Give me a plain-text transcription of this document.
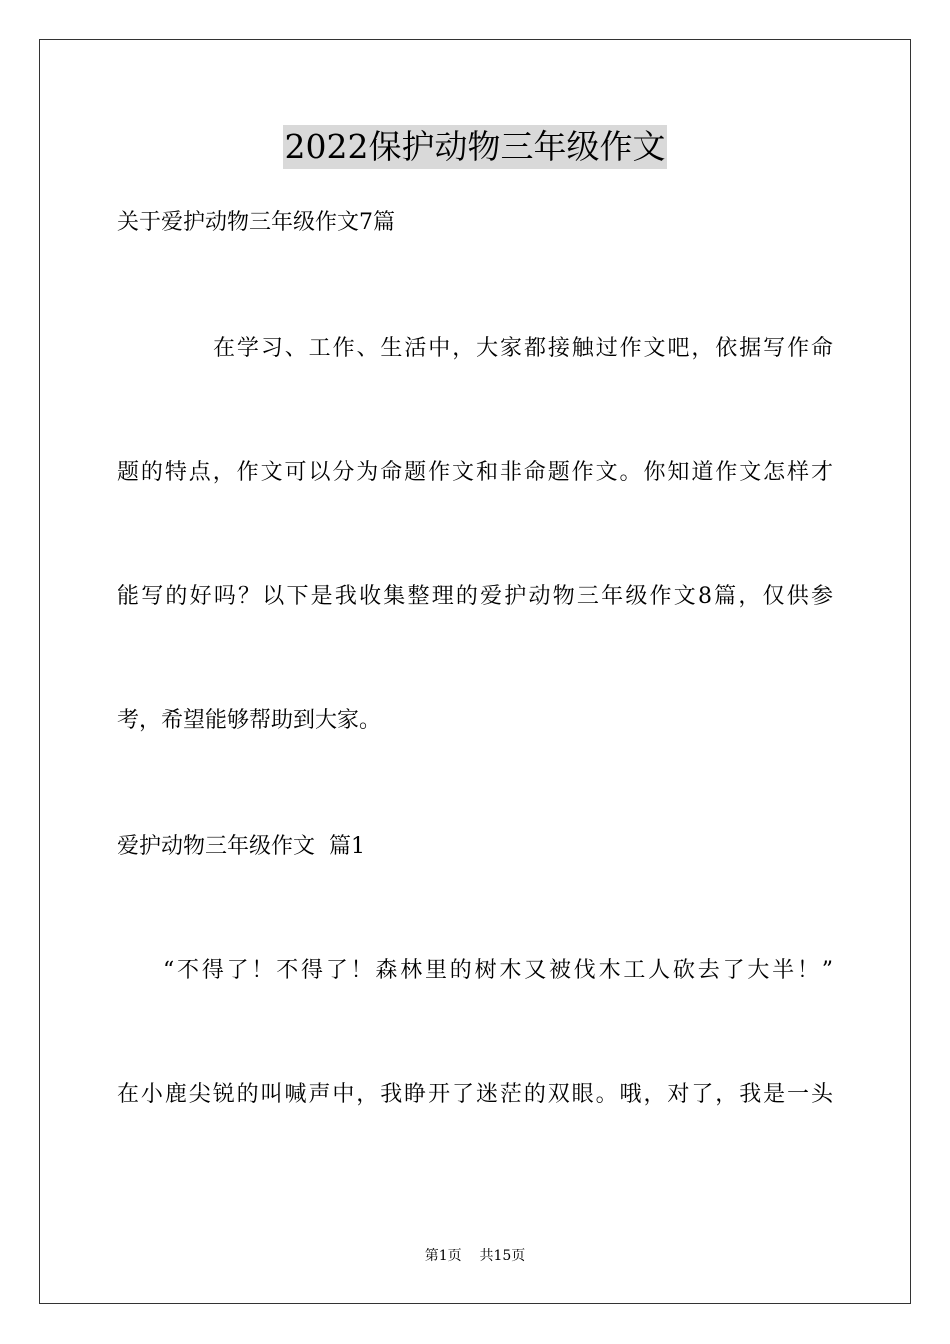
2022保护动物三年级作文
关于爱护动物三年级作文7篇
在学习、工作、生活中，大家都接触过作文吧，依据写作命
题的特点，作文可以分为命题作文和非命题作文。你知道作文怎样才
能写的好吗？以下是我收集整理的爱护动物三年级作文8篇，仅供参
考，希望能够帮助到大家。
爱护动物三年级作文  篇1
“不得了！不得了！森林里的树木又被伐木工人砍去了大半！”
在小鹿尖锐的叫喊声中，我睁开了迷茫的双眼。哦，对了，我是一头
第1页    共15页
